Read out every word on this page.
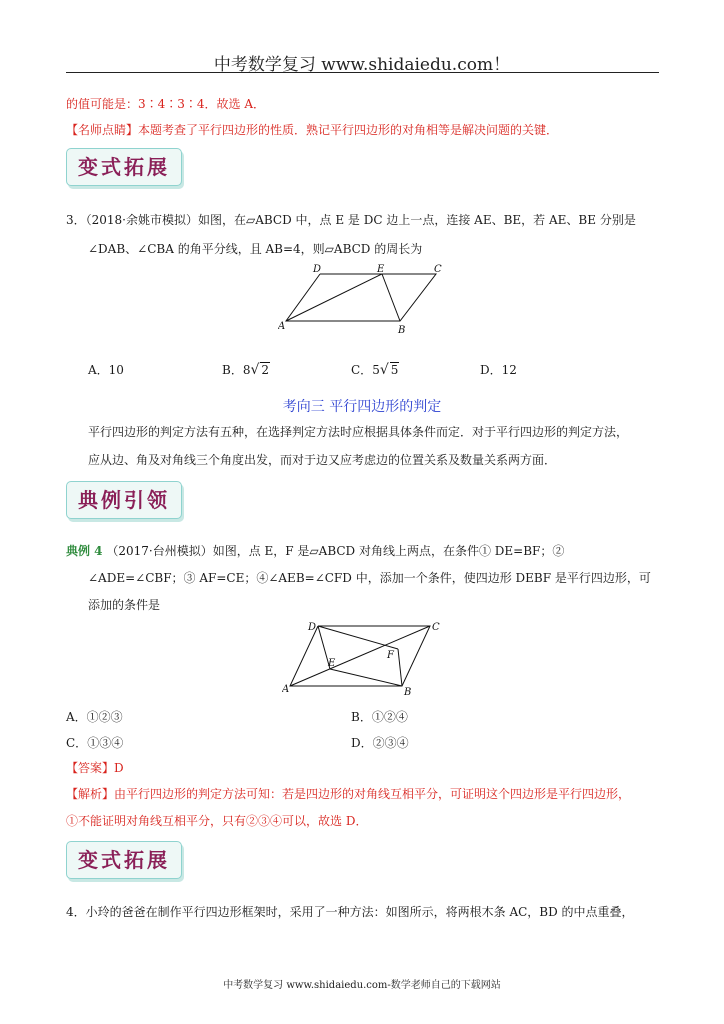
中考数学复习 www.shidaiedu.com！
的值可能是：3∶4∶3∶4．故选 A．
【名师点睛】本题考查了平行四边形的性质．熟记平行四边形的对角相等是解决问题的关键．
变式拓展
3．（2018·余姚市模拟）如图，在▱ABCD 中，点 E 是 DC 边上一点，连接 AE、BE，若 AE、BE 分别是
∠DAB、∠CBA 的角平分线，且 AB=4，则▱ABCD 的周长为
D	E	C
A	B
A．10	B．8√ 2	C．5√ 5	D．12
考向三 平行四边形的判定
平行四边形的判定方法有五种，在选择判定方法时应根据具体条件而定．对于平行四边形的判定方法，
应从边、角及对角线三个角度出发，而对于边又应考虑边的位置关系及数量关系两方面．
典例引领
典例 4 （2017·台州模拟）如图，点 E，F 是▱ABCD 对角线上两点，在条件① DE=BF；②
∠ADE=∠CBF；③ AF=CE；④∠AEB=∠CFD 中，添加一个条件，使四边形 DEBF 是平行四边形，可
添加的条件是
D	C
E
F
A	B
A．①②③	B．①②④
C．①③④	D．②③④
【答案】D
【解析】由平行四边形的判定方法可知：若是四边形的对角线互相平分，可证明这个四边形是平行四边形，
①不能证明对角线互相平分，只有②③④可以，故选 D．
变式拓展
4．小玲的爸爸在制作平行四边形框架时，采用了一种方法：如图所示，将两根木条 AC，BD 的中点重叠，
中考数学复习 www.shidaiedu.com-数学老师自己的下载网站
